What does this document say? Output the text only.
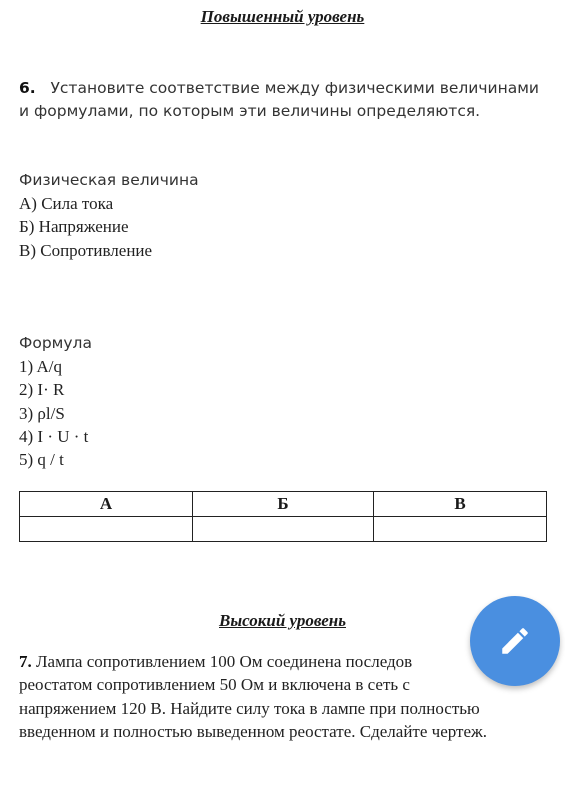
Повышенный уровень
6. Установите соответствие между физическими величинами
и формулами, по которым эти величины определяются.
Физическая величина
А) Сила тока
Б) Напряжение
В) Сопротивление
Формула
1) A/q
2) I· R
3) ρl/S
4) I · U · t
5) q / t
А	Б	В

Высокий уровень
7. Лампа сопротивлением 100 Ом соединена последов
реостатом сопротивлением 50 Ом и включена в сеть с
напряжением 120 В. Найдите силу тока в лампе при полностью
введенном и полностью выведенном реостате. Сделайте чертеж.
